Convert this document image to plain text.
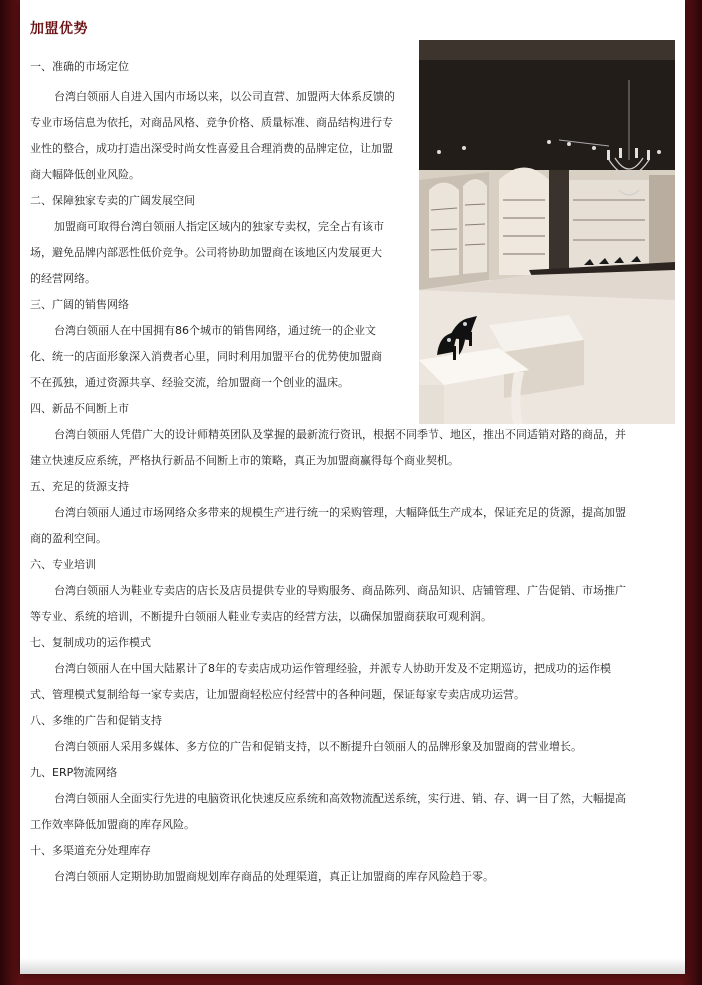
加盟优势

一、准确的市场定位

台湾白领丽人自进入国内市场以来，以公司直营、加盟两大体系反馈的专业市场信息为依托，对商品风格、竞争价格、质量标准、商品结构进行专业性的整合，成功打造出深受时尚女性喜爱且合理消费的品牌定位，让加盟商大幅降低创业风险。

二、保障独家专卖的广阔发展空间

加盟商可取得台湾白领丽人指定区域内的独家专卖权，完全占有该市场，避免品牌内部恶性低价竞争。公司将协助加盟商在该地区内发展更大的经营网络。

三、广阔的销售网络

台湾白领丽人在中国拥有86个城市的销售网络，通过统一的企业文化、统一的店面形象深入消费者心里，同时利用加盟平台的优势使加盟商不在孤独，通过资源共享、经验交流，给加盟商一个创业的温床。

四、新品不间断上市

台湾白领丽人凭借广大的设计师精英团队及掌握的最新流行资讯，根据不同季节、地区，推出不同适销对路的商品，并建立快速反应系统，严格执行新品不间断上市的策略，真正为加盟商赢得每个商业契机。

五、充足的货源支持

台湾白领丽人通过市场网络众多带来的规模生产进行统一的采购管理，大幅降低生产成本，保证充足的货源，提高加盟商的盈利空间。

六、专业培训

台湾白领丽人为鞋业专卖店的店长及店员提供专业的导购服务、商品陈列、商品知识、店铺管理、广告促销、市场推广等专业、系统的培训，不断提升白领丽人鞋业专卖店的经营方法，以确保加盟商获取可观利润。

七、复制成功的运作模式

台湾白领丽人在中国大陆累计了8年的专卖店成功运作管理经验，并派专人协助开发及不定期巡访，把成功的运作模式、管理模式复制给每一家专卖店，让加盟商轻松应付经营中的各种问题，保证每家专卖店成功运营。

八、多维的广告和促销支持

台湾白领丽人采用多媒体、多方位的广告和促销支持，以不断提升白领丽人的品牌形象及加盟商的营业增长。

九、ERP物流网络

台湾白领丽人全面实行先进的电脑资讯化快速反应系统和高效物流配送系统，实行进、销、存、调一目了然，大幅提高工作效率降低加盟商的库存风险。

十、多渠道充分处理库存

台湾白领丽人定期协助加盟商规划库存商品的处理渠道，真正让加盟商的库存风险趋于零。
